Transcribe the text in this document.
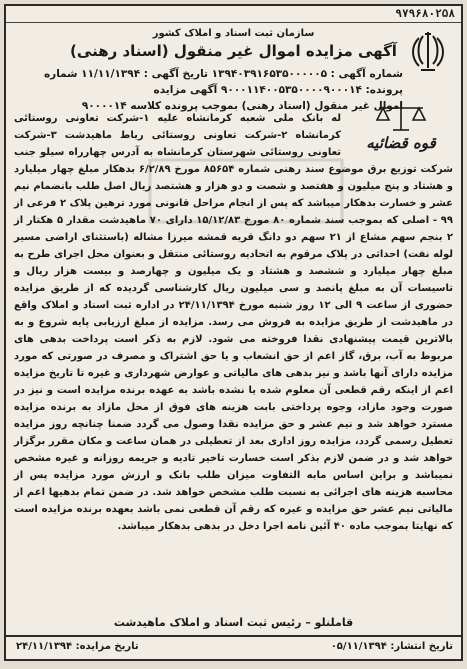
۹۷۹۶۸۰۲۵۸
سازمان ثبت اسناد و املاک کشور
آگهی مزایده اموال غیر منقول (اسناد رهنی)
شماره آگهی : ۱۳۹۴۰۳۹۱۶۵۳۵۰۰۰۰۰۵ تاریخ آگهی : ۱۱/۱۱/۱۳۹۴ شماره پرونده: ۹۰۰۰۱۱۴۰۰۵۳۵۰۰۰۰۹۰۰۰۱۴ آگهی مزایده
اموال غیر منقول (اسناد رهنی) بموجب پرونده کلاسه ۹۰۰۰۰۱۴
قوه قضائیه
له بانک ملی شعبه کرمانشاه علیه ۱-شرکت تعاونی روستائی کرمانشاه ۲-شرکت تعاونی روستائی رباط ماهیدشت ۳-شرکت تعاونی روستائی شهرستان کرمانشاه به آدرس چهارراه سیلو جنب شرکت توزیع برق موضوع سند رهنی شماره ۸۵۶۵۴ مورخ ۶/۲/۸۹ بدهکار مبلغ چهار میلیارد و هشتاد و پنج میلیون و هفتصد و شصت و دو هزار و هشتصد ریال اصل طلب بانضمام نیم عشر و خسارت بدهکار میباشد که پس از انجام مراحل قانونی مورد ترهین پلاک ۲ فرعی از ۹۹ - اصلی که بموجب سند شماره ۸۰ مورخ ۱۵/۱۲/۸۳ دارای ۷۰ ماهیدشت مقدار ۵ هکتار از ۲ بنجم سهم مشاع از ۲۱ سهم دو دانگ قریه قمشه میرزا مشاله (باستثنای اراضی مسیر لوله نفت) احداثی در پلاک مرقوم به اتحادیه روستائی منتقل و بعنوان محل اجرای طرح به مبلغ چهار میلیارد و ششصد و هشتاد و یک میلیون و چهارصد و بیست هزار ریال و تاسیسات آن به مبلغ پانصد و سی میلیون ریال کارشناسی گردیده که از طریق مزایده حضوری از ساعت ۹ الی ۱۲ روز شنبه مورخ ۲۴/۱۱/۱۳۹۴ در اداره ثبت اسناد و املاک واقع در ماهیدشت از طریق مزایده به فروش می رسد. مزایده از مبلغ ارزیابی پایه شروع و به بالاترین قیمت پیشنهادی نقدا فروخته می شود. لازم به ذکر است پرداخت بدهی های مربوط به آب، برق، گاز اعم از حق انشعاب و یا حق اشتراک و مصرف در صورتی که مورد مزایده دارای آنها باشد و نیز بدهی های مالیاتی و عوارض شهرداری و غیره تا تاریخ مزایده اعم از اینکه رقم قطعی آن معلوم شده یا نشده باشد به عهده برنده مزایده است و نیز در صورت وجود مازاد، وجوه پرداختی بابت هزینه های فوق از محل مازاد به برنده مزایده مسترد خواهد شد و نیم عشر و حق مزایده نقدا وصول می گردد ضمنا چنانچه روز مزایده تعطیل رسمی گردد، مزایده روز اداری بعد از تعطیلی در همان ساعت و مکان مقرر برگزار خواهد شد و در ضمن لازم بذکر است خسارت تاخیر تادیه و جریمه روزانه و غیره مشخص نمیباشد و براین اساس مابه التفاوت میزان طلب بانک و ارزش مورد مزایده پس از محاسبه هزینه های اجرائی به نسبت طلب مشخص خواهد شد. در ضمن تمام بدهیها اعم از مالیاتی نیم عشر حق مزایده و غیره که رقم آن قطعی نمی باشد بعهده برنده مزایده است که نهایتا بموجب ماده ۴۰ آئین نامه اجرا دخل در بدهی بدهکار میباشد.
قاملنلو – رئیس ثبت اسناد و املاک ماهیدشت
تاریخ انتشار: ۰۵/۱۱/۱۳۹۴
تاریخ مزایده: ۲۴/۱۱/۱۳۹۴
